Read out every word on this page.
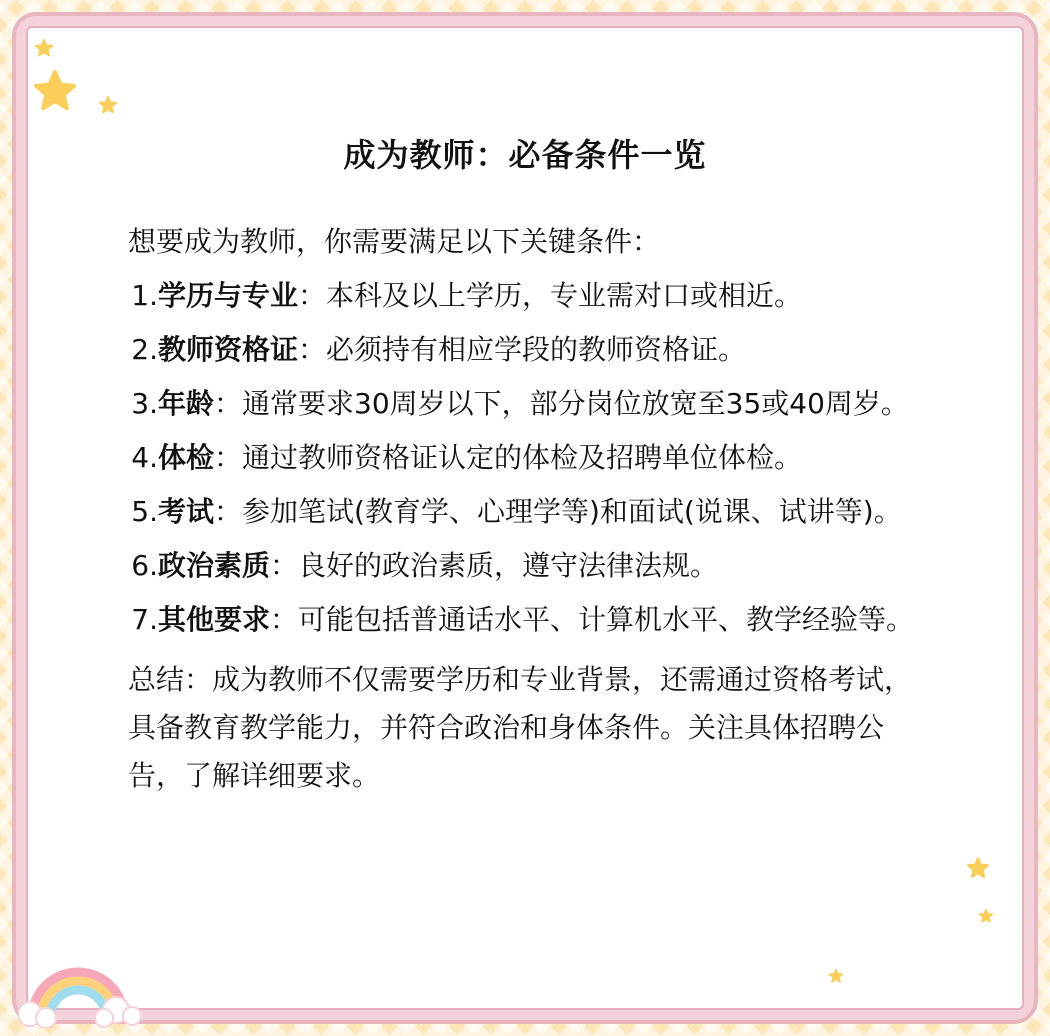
成为教师：必备条件一览
想要成为教师，你需要满足以下关键条件：
1. 学历与专业：本科及以上学历，专业需对口或相近。
2. 教师资格证：必须持有相应学段的教师资格证。
3. 年龄：通常要求30周岁以下，部分岗位放宽至35或40周岁。
4. 体检：通过教师资格证认定的体检及招聘单位体检。
5. 考试：参加笔试(教育学、心理学等)和面试(说课、试讲等)。
6. 政治素质：良好的政治素质，遵守法律法规。
7. 其他要求：可能包括普通话水平、计算机水平、教学经验等。
总结：成为教师不仅需要学历和专业背景，还需通过资格考试，具备教育教学能力，并符合政治和身体条件。关注具体招聘公告，了解详细要求。
